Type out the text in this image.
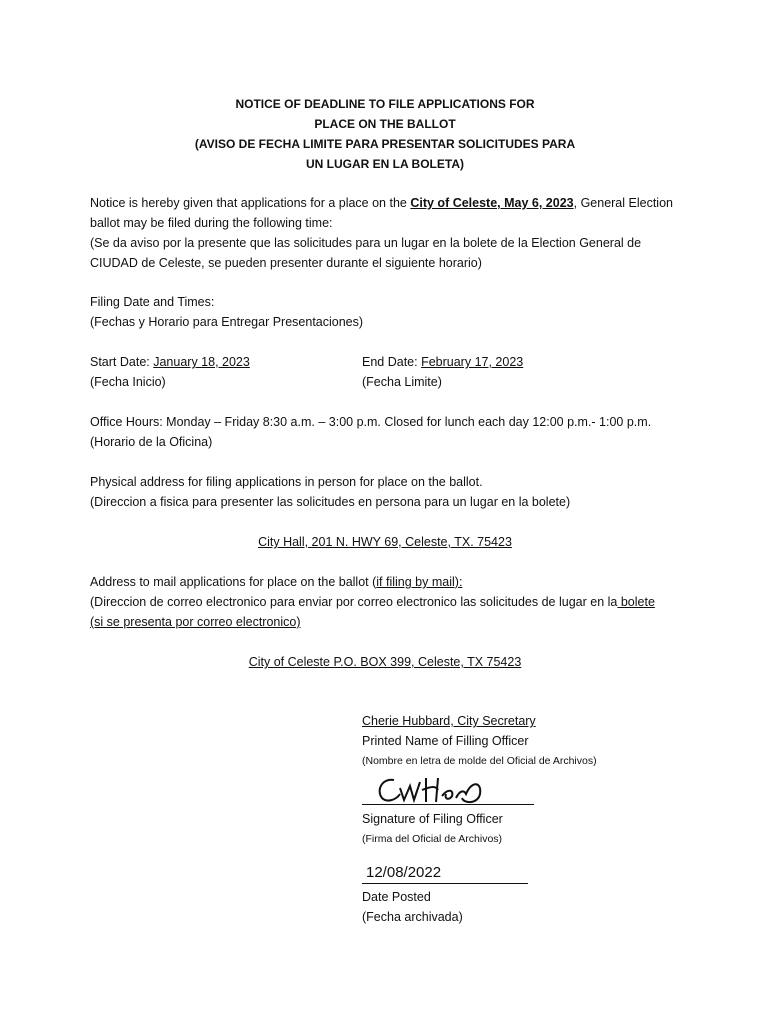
NOTICE OF DEADLINE TO FILE APPLICATIONS FOR
PLACE ON THE BALLOT
(AVISO DE FECHA LIMITE PARA PRESENTAR SOLICITUDES PARA
UN LUGAR EN LA BOLETA)
Notice is hereby given that applications for a place on the City of Celeste, May 6, 2023, General Election
ballot may be filed during the following time:
(Se da aviso por la presente que las solicitudes para un lugar en la bolete de la Election General de
CIUDAD de Celeste, se pueden presenter durante el siguiente horario)
Filing Date and Times:
(Fechas y Horario para Entregar Presentaciones)
Start Date: January 18, 2023
(Fecha Inicio)
End Date: February 17, 2023
(Fecha Limite)
Office Hours: Monday – Friday 8:30 a.m. – 3:00 p.m. Closed for lunch each day 12:00 p.m.- 1:00 p.m.
(Horario de la Oficina)
Physical address for filing applications in person for place on the ballot.
(Direccion a fisica para presenter las solicitudes en persona para un lugar en la bolete)
City Hall, 201 N. HWY 69, Celeste, TX. 75423
Address to mail applications for place on the ballot (if filing by mail):
(Direccion de correo electronico para enviar por correo electronico las solicitudes de lugar en la bolete
(si se presenta por correo electronico)
City of Celeste P.O. BOX 399, Celeste, TX 75423
Cherie Hubbard, City Secretary
Printed Name of Filling Officer
(Nombre en letra de molde del Oficial de Archivos)
Signature of Filing Officer
(Firma del Oficial de Archivos)
12/08/2022
Date Posted
(Fecha archivada)
